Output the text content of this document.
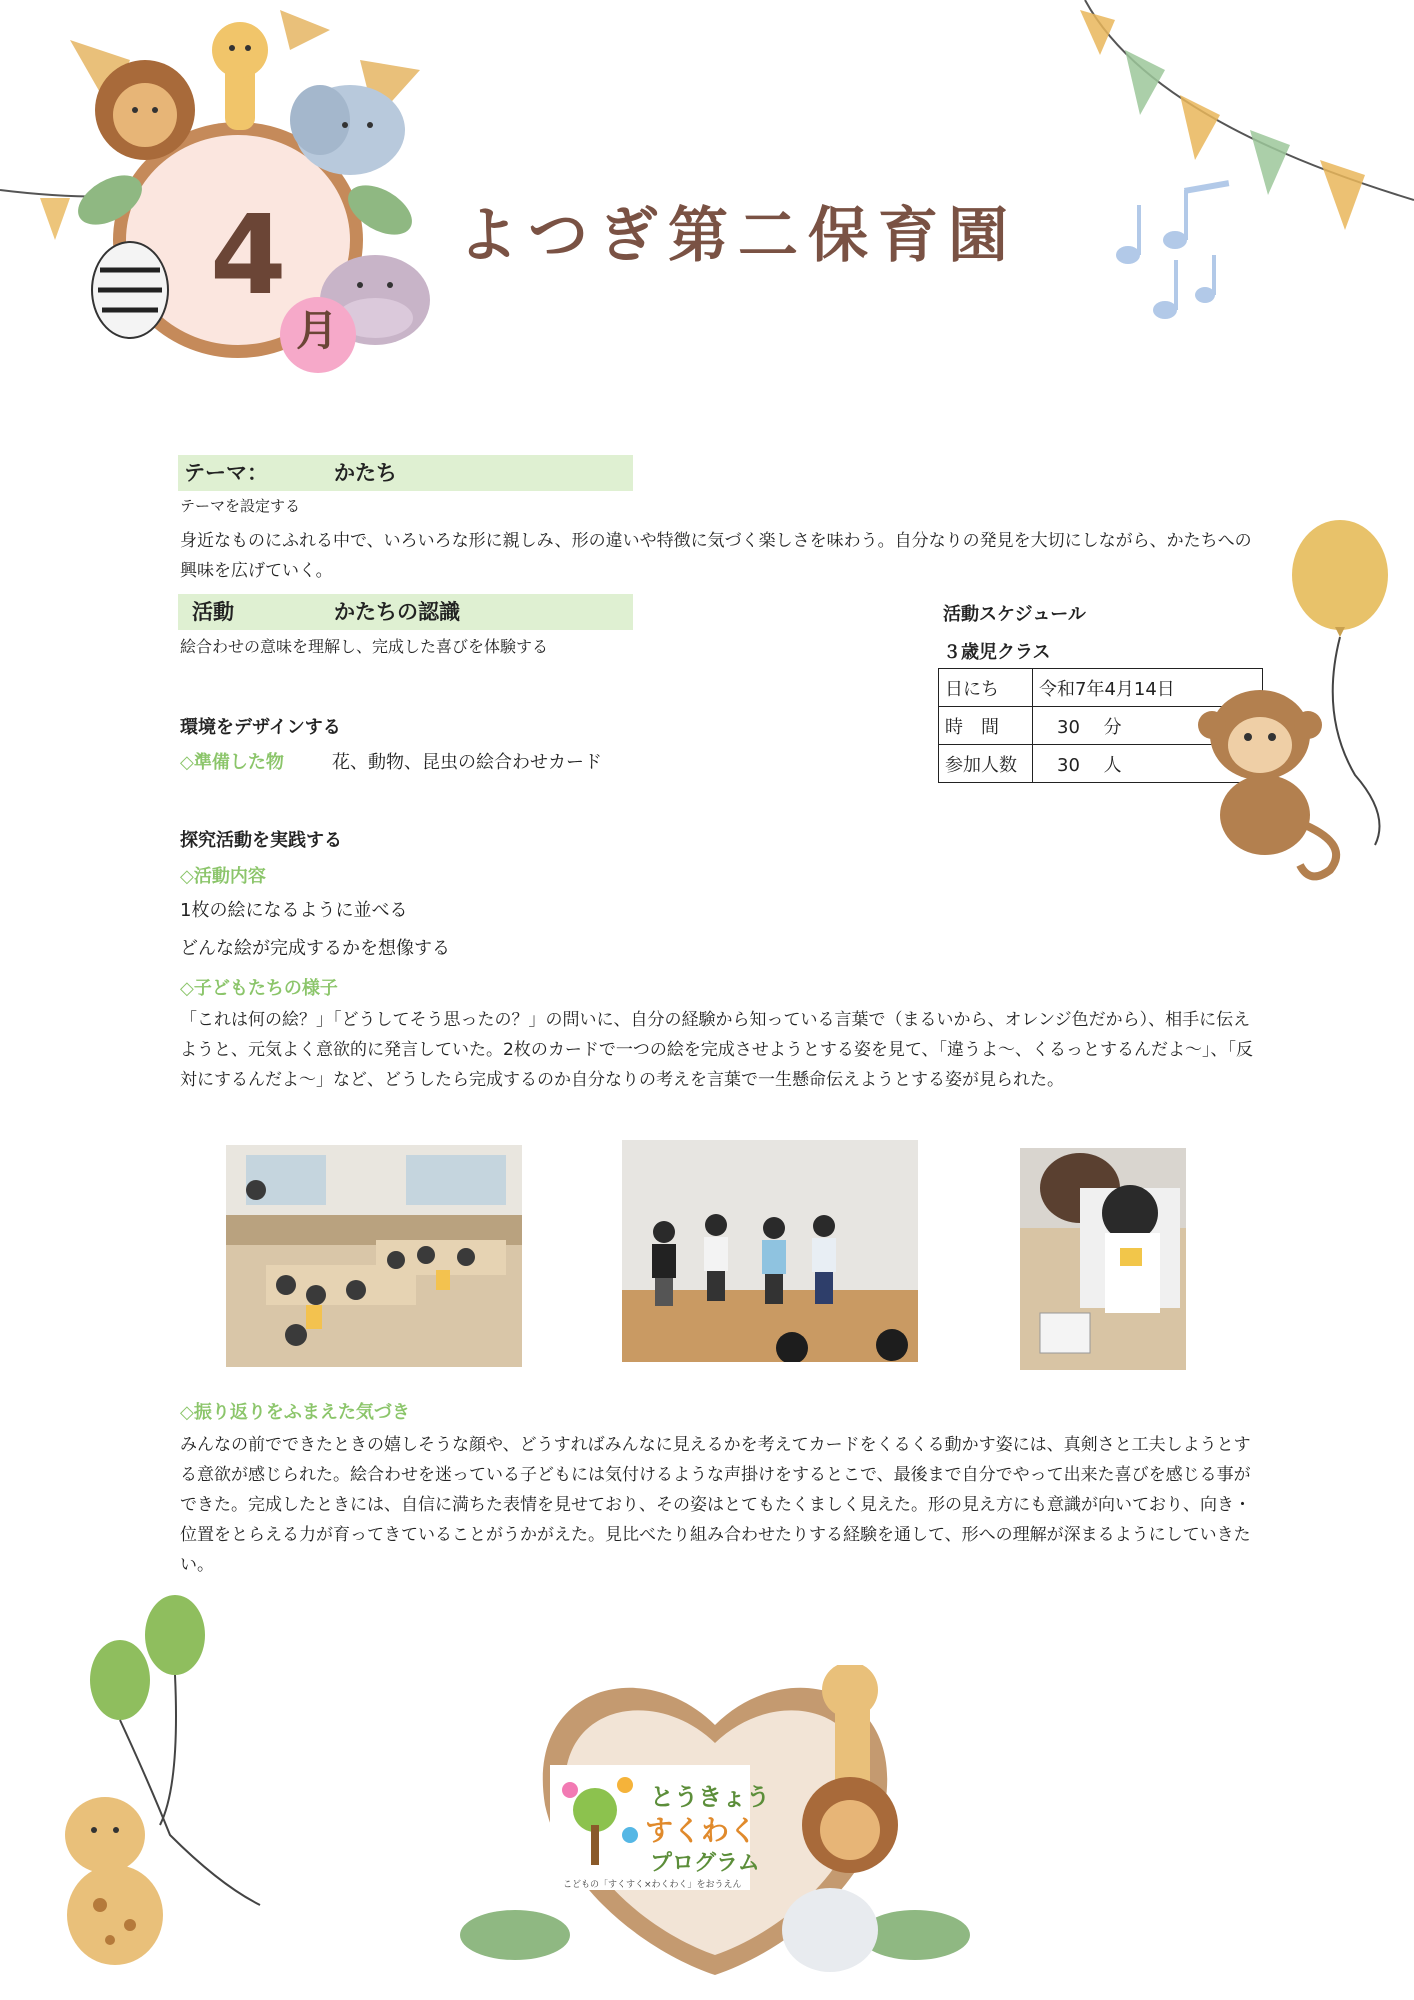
4
月
よつぎ第二保育園
テーマ：	かたち
テーマを設定する
身近なものにふれる中で、いろいろな形に親しみ、形の違いや特徴に気づく楽しさを味わう。自分なりの発見を大切にしながら、かたちへの興味を広げていく。
活動	かたちの認識
絵合わせの意味を理解し、完成した喜びを体験する
環境をデザインする
◇準備した物	花、動物、昆虫の絵合わせカード
活動スケジュール
３歳児クラス
日にち	令和7年4月14日
時　間	　30　 分
参加人数	　30　 人
探究活動を実践する
◇活動内容
1枚の絵になるように並べる
どんな絵が完成するかを想像する
◇子どもたちの様子
「これは何の絵？」「どうしてそう思ったの？」の問いに、自分の経験から知っている言葉で（まるいから、オレンジ色だから）、相手に伝えようと、元気よく意欲的に発言していた。2枚のカードで一つの絵を完成させようとする姿を見て、「違うよ～、くるっとするんだよ～」、「反対にするんだよ～」など、どうしたら完成するのか自分なりの考えを言葉で一生懸命伝えようとする姿が見られた。
◇振り返りをふまえた気づき
みんなの前でできたときの嬉しそうな顔や、どうすればみんなに見えるかを考えてカードをくるくる動かす姿には、真剣さと工夫しようとする意欲が感じられた。絵合わせを迷っている子どもには気付けるような声掛けをするとこで、最後まで自分でやって出来た喜びを感じる事ができた。完成したときには、自信に満ちた表情を見せており、その姿はとてもたくましく見えた。形の見え方にも意識が向いており、向き・位置をとらえる力が育ってきていることがうかがえた。見比べたり組み合わせたりする経験を通して、形への理解が深まるようにしていきたい。
とうきょう
すくわく
プログラム
こどもの「すくすく×わくわく」をおうえん
